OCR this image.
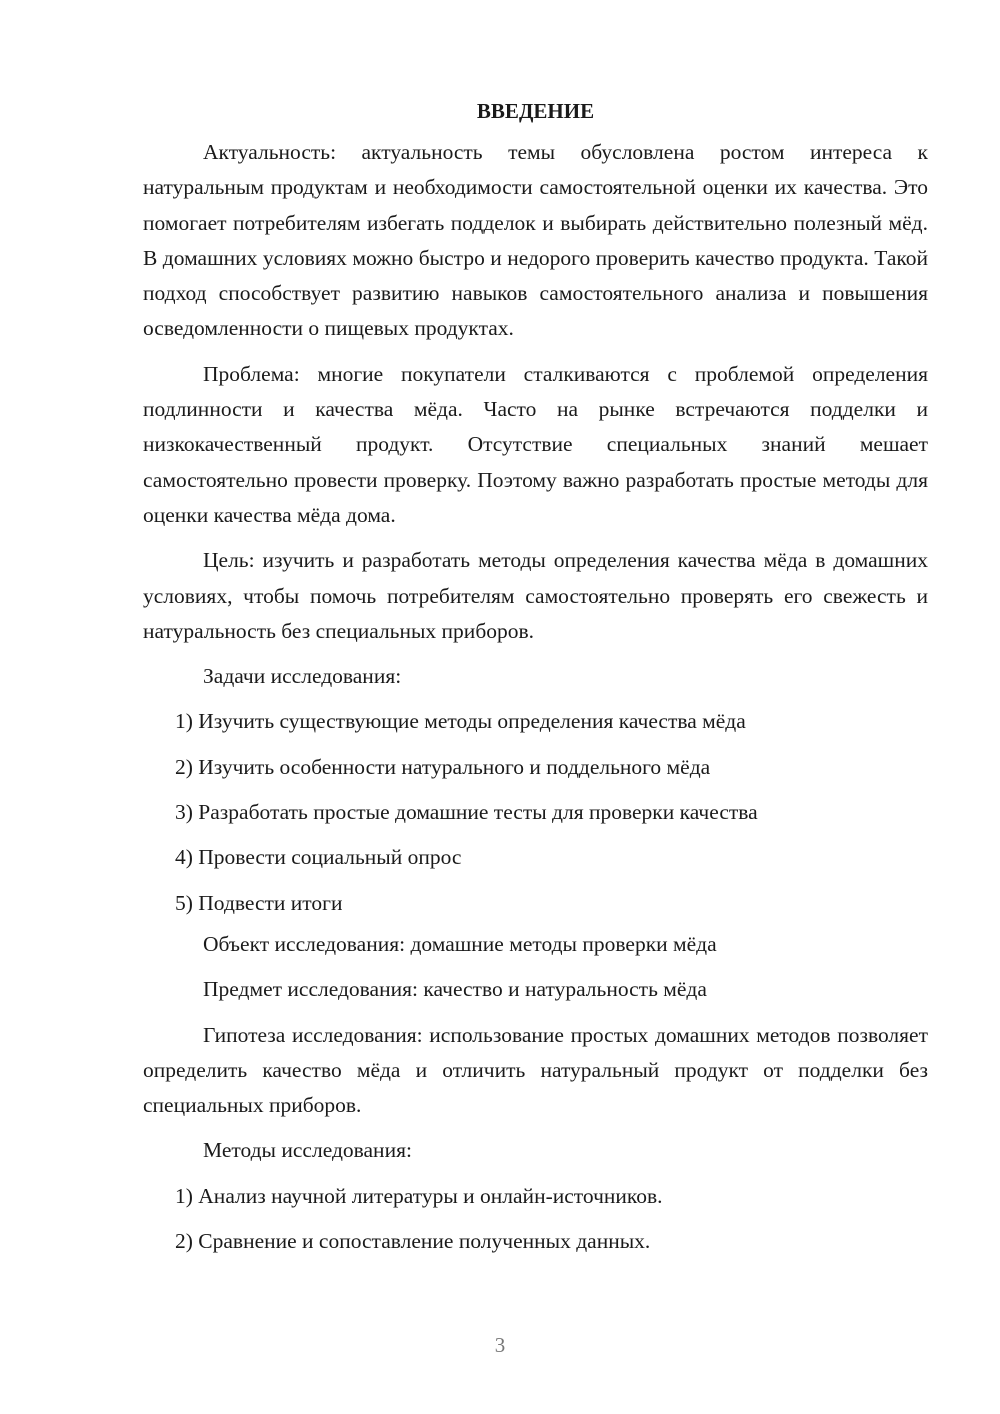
ВВЕДЕНИЕ

Актуальность: актуальность темы обусловлена ростом интереса к натуральным продуктам и необходимости самостоятельной оценки их качества. Это помогает потребителям избегать подделок и выбирать действительно полезный мёд. В домашних условиях можно быстро и недорого проверить качество продукта. Такой подход способствует развитию навыков самостоятельного анализа и повышения осведомленности о пищевых продуктах.

Проблема: многие покупатели сталкиваются с проблемой определения подлинности и качества мёда. Часто на рынке встречаются подделки и низкокачественный продукт. Отсутствие специальных знаний мешает самостоятельно провести проверку. Поэтому важно разработать простые методы для оценки качества мёда дома.

Цель: изучить и разработать методы определения качества мёда в домашних условиях, чтобы помочь потребителям самостоятельно проверять его свежесть и натуральность без специальных приборов.

Задачи исследования:

1) Изучить существующие методы определения качества мёда

2) Изучить особенности натурального и поддельного мёда

3) Разработать простые домашние тесты для проверки качества

4) Провести социальный опрос

5) Подвести итоги

Объект исследования: домашние методы проверки мёда

Предмет исследования: качество и натуральность мёда

Гипотеза исследования: использование простых домашних методов позволяет определить качество мёда и отличить натуральный продукт от подделки без специальных приборов.

Методы исследования:

1) Анализ научной литературы и онлайн-источников.

2) Сравнение и сопоставление полученных данных.

3
